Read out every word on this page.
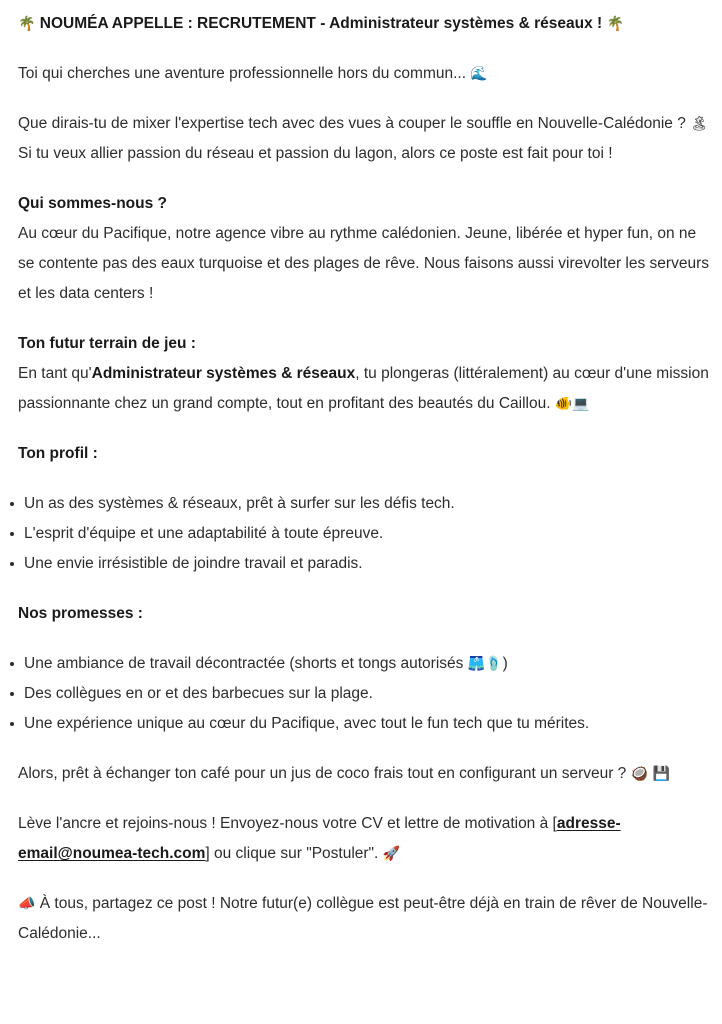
🌴 NOUMÉA APPELLE : RECRUTEMENT - Administrateur systèmes & réseaux ! 🌴

Toi qui cherches une aventure professionnelle hors du commun... 🌊

Que dirais-tu de mixer l'expertise tech avec des vues à couper le souffle en Nouvelle-Calédonie ? 🏝 Si tu veux allier passion du réseau et passion du lagon, alors ce poste est fait pour toi !

Qui sommes-nous ?

Au cœur du Pacifique, notre agence vibre au rythme calédonien. Jeune, libérée et hyper fun, on ne se contente pas des eaux turquoise et des plages de rêve. Nous faisons aussi virevolter les serveurs et les data centers !

Ton futur terrain de jeu :

En tant qu'Administrateur systèmes & réseaux, tu plongeras (littéralement) au cœur d'une mission passionnante chez un grand compte, tout en profitant des beautés du Caillou. 🐠💻

Ton profil :

Un as des systèmes & réseaux, prêt à surfer sur les défis tech.
L'esprit d'équipe et une adaptabilité à toute épreuve.
Une envie irrésistible de joindre travail et paradis.

Nos promesses :

Une ambiance de travail décontractée (shorts et tongs autorisés 🩳🩴)
Des collègues en or et des barbecues sur la plage.
Une expérience unique au cœur du Pacifique, avec tout le fun tech que tu mérites.

Alors, prêt à échanger ton café pour un jus de coco frais tout en configurant un serveur ? 🥥 💾

Lève l'ancre et rejoins-nous ! Envoyez-nous votre CV et lettre de motivation à [adresse-email@noumea-tech.com] ou clique sur "Postuler". 🚀

📣 À tous, partagez ce post ! Notre futur(e) collègue est peut-être déjà en train de rêver de Nouvelle-Calédonie...
